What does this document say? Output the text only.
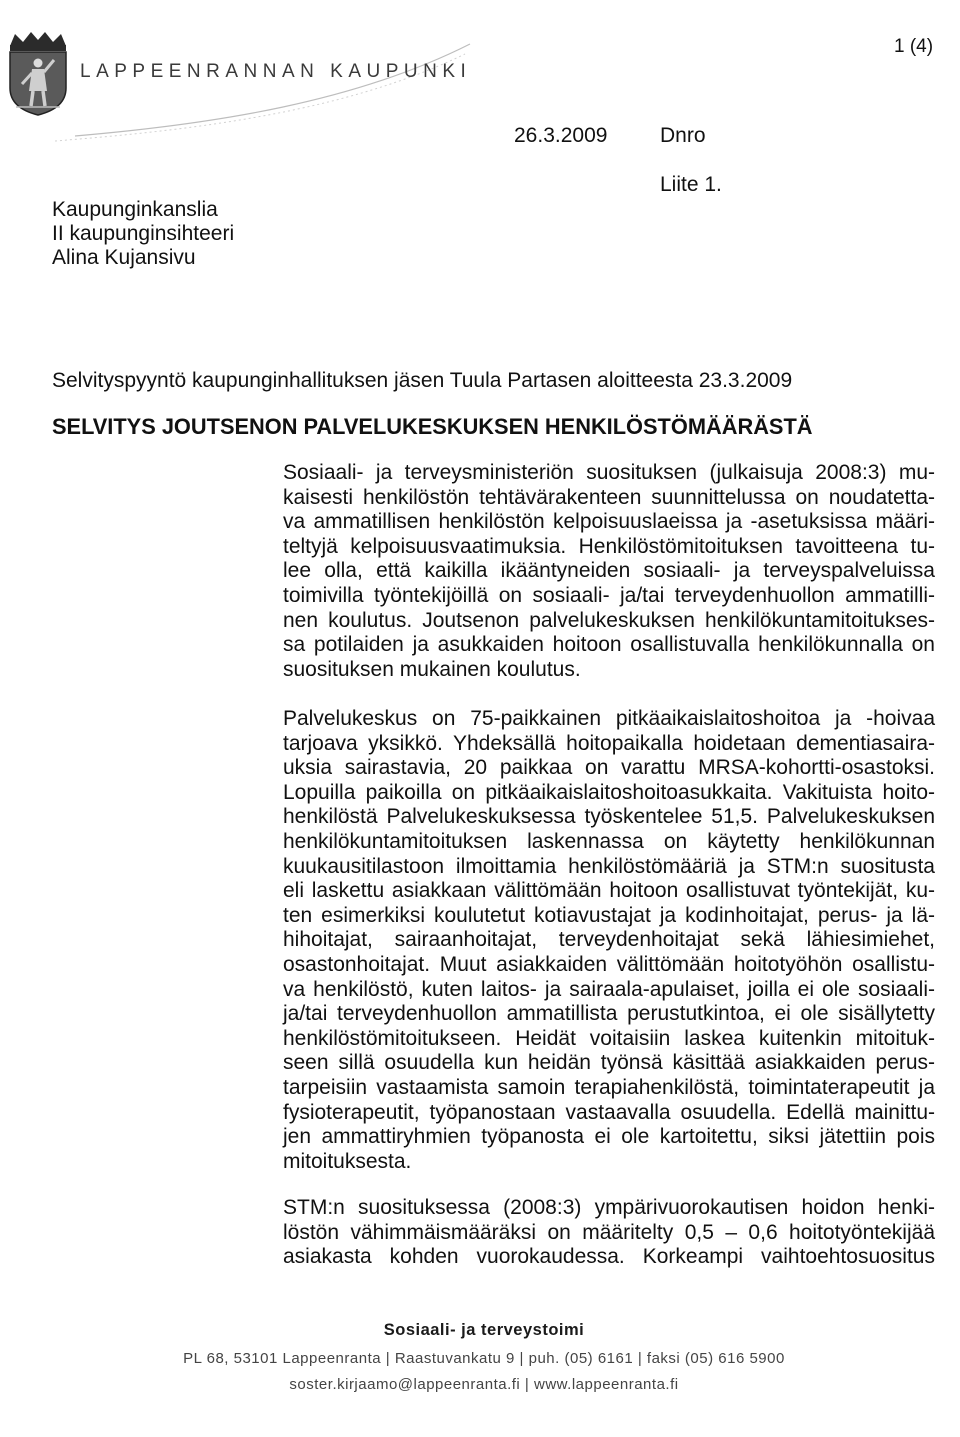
LAPPEENRANNAN KAUPUNKI
1 (4)
26.3.2009	Dnro
Liite 1.
Kaupunginkanslia
II kaupunginsihteeri
Alina Kujansivu
Selvityspyyntö kaupunginhallituksen jäsen Tuula Partasen aloitteesta 23.3.2009
SELVITYS JOUTSENON PALVELUKESKUKSEN HENKILÖSTÖMÄÄRÄSTÄ
Sosiaali- ja terveysministeriön suosituksen (julkaisuja 2008:3) mu-
kaisesti henkilöstön tehtävärakenteen suunnittelussa on noudatetta-
va ammatillisen henkilöstön kelpoisuuslaeissa ja -asetuksissa määri-
teltyjä kelpoisuusvaatimuksia. Henkilöstömitoituksen tavoitteena tu-
lee olla, että kaikilla ikääntyneiden sosiaali- ja terveyspalveluissa
toimivilla työntekijöillä on sosiaali- ja/tai terveydenhuollon ammatilli-
nen koulutus. Joutsenon palvelukeskuksen henkilökuntamitoitukses-
sa potilaiden ja asukkaiden hoitoon osallistuvalla henkilökunnalla on
suosituksen mukainen koulutus.
Palvelukeskus on 75-paikkainen pitkäaikaislaitoshoitoa ja -hoivaa
tarjoava yksikkö. Yhdeksällä hoitopaikalla hoidetaan dementiasaira-
uksia sairastavia, 20 paikkaa on varattu MRSA-kohortti-osastoksi.
Lopuilla paikoilla on pitkäaikaislaitoshoitoasukkaita. Vakituista hoito-
henkilöstä Palvelukeskuksessa työskentelee 51,5. Palvelukeskuksen
henkilökuntamitoituksen laskennassa on käytetty henkilökunnan
kuukausitilastoon ilmoittamia henkilöstömääriä ja STM:n suositusta
eli laskettu asiakkaan välittömään hoitoon osallistuvat työntekijät, ku-
ten esimerkiksi koulutetut kotiavustajat ja kodinhoitajat, perus- ja lä-
hihoitajat, sairaanhoitajat, terveydenhoitajat sekä lähiesimiehet,
osastonhoitajat. Muut asiakkaiden välittömään hoitotyöhön osallistu-
va henkilöstö, kuten laitos- ja sairaala-apulaiset, joilla ei ole sosiaali-
ja/tai terveydenhuollon ammatillista perustutkintoa, ei ole sisällytetty
henkilöstömitoitukseen. Heidät voitaisiin laskea kuitenkin mitoituk-
seen sillä osuudella kun heidän työnsä käsittää asiakkaiden perus-
tarpeisiin vastaamista samoin terapiahenkilöstä, toimintaterapeutit ja
fysioterapeutit, työpanostaan vastaavalla osuudella. Edellä mainittu-
jen ammattiryhmien työpanosta ei ole kartoitettu, siksi jätettiin pois
mitoituksesta.
STM:n suosituksessa (2008:3) ympärivuorokautisen hoidon henki-
löstön vähimmäismääräksi on määritelty 0,5 – 0,6 hoitotyöntekijää
asiakasta kohden vuorokaudessa. Korkeampi vaihtoehtosuositus
Sosiaali- ja terveystoimi
PL 68, 53101 Lappeenranta | Raastuvankatu 9 | puh. (05) 6161 | faksi (05) 616 5900
soster.kirjaamo@lappeenranta.fi | www.lappeenranta.fi
